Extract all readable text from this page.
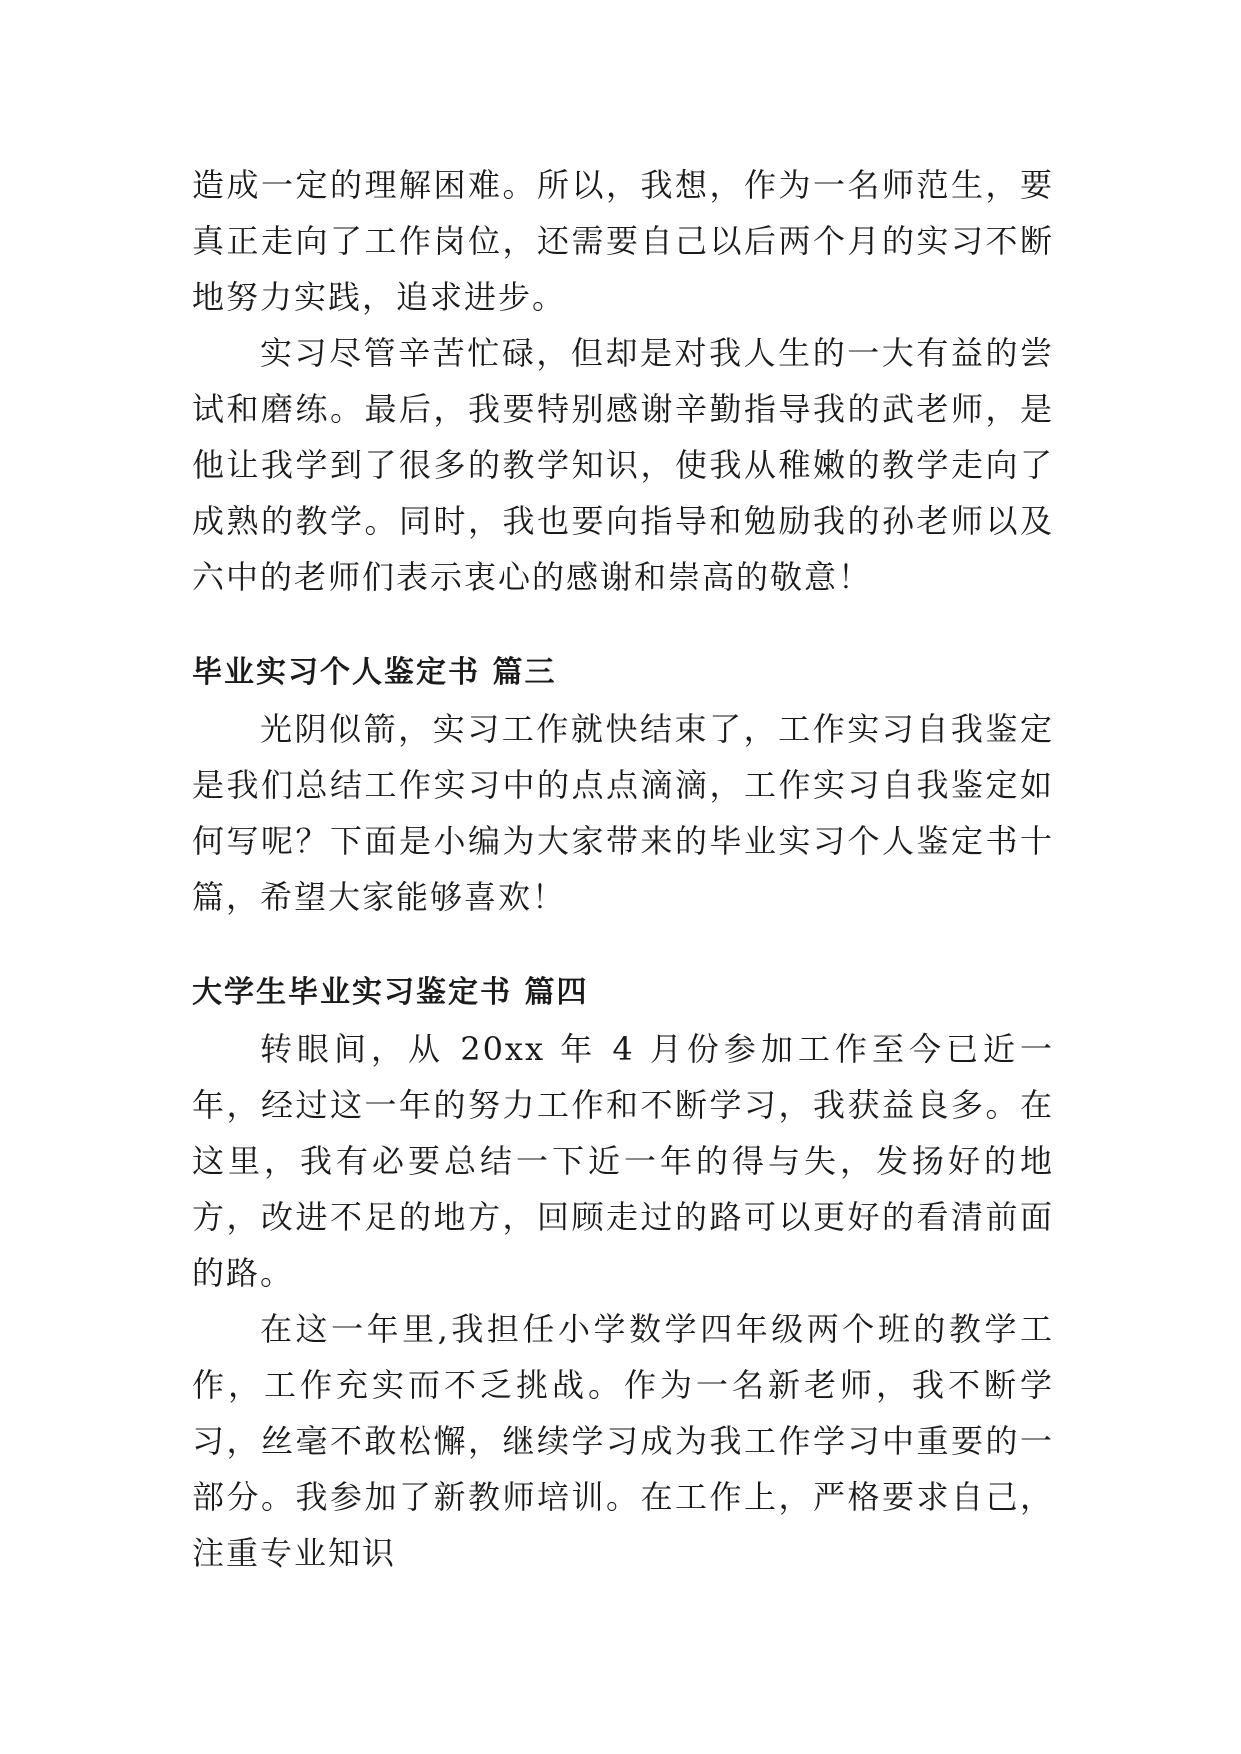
造成一定的理解困难。所以，我想，作为一名师范生，要真正走向了工作岗位，还需要自己以后两个月的实习不断地努力实践，追求进步。

实习尽管辛苦忙碌，但却是对我人生的一大有益的尝试和磨练。最后，我要特别感谢辛勤指导我的武老师，是他让我学到了很多的教学知识，使我从稚嫩的教学走向了成熟的教学。同时，我也要向指导和勉励我的孙老师以及六中的老师们表示衷心的感谢和崇高的敬意！

毕业实习个人鉴定书 篇三

光阴似箭，实习工作就快结束了，工作实习自我鉴定是我们总结工作实习中的点点滴滴，工作实习自我鉴定如何写呢？下面是小编为大家带来的毕业实习个人鉴定书十篇，希望大家能够喜欢！

大学生毕业实习鉴定书 篇四

转眼间，从 20xx 年 4 月份参加工作至今已近一年，经过这一年的努力工作和不断学习，我获益良多。在这里，我有必要总结一下近一年的得与失，发扬好的地方，改进不足的地方，回顾走过的路可以更好的看清前面的路。

在这一年里,我担任小学数学四年级两个班的教学工作，工作充实而不乏挑战。作为一名新老师，我不断学习，丝毫不敢松懈，继续学习成为我工作学习中重要的一部分。我参加了新教师培训。在工作上，严格要求自己，注重专业知识
